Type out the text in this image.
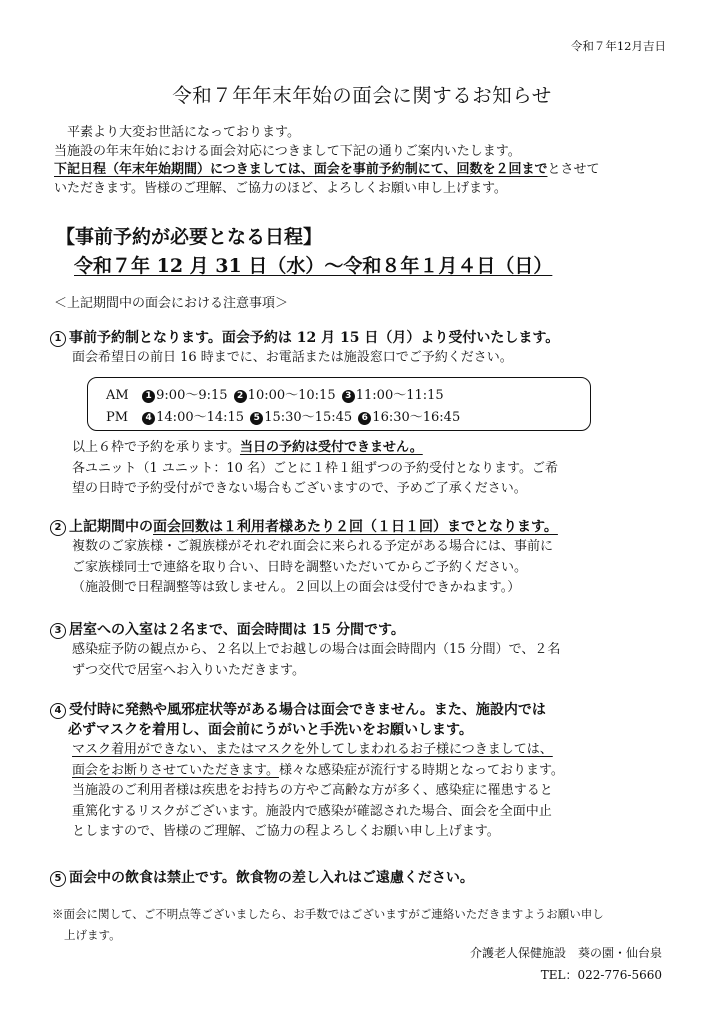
令和７年12月吉日
令和７年年末年始の面会に関するお知らせ

平素より大変お世話になっております。

当施設の年末年始における面会対応につきまして下記の通りご案内いたします。

下記日程（年末年始期間）につきましては、面会を事前予約制にて、回数を２回までとさせて

いただきます。皆様のご理解、ご協力のほど、よろしくお願い申し上げます。

【事前予約が必要となる日程】

令和７年 12 月 31 日（水）～令和８年１月４日（日）

＜上記期間中の面会における注意事項＞

1 事前予約制となります。面会予約は 12 月 15 日（月）より受付いたします。

面会希望日の前日 16 時までに、お電話または施設窓口でご予約ください。

AM 1 9:00～9:15 2 10:00～10:15 3 11:00～11:15
PM 4 14:00～14:15 5 15:30～15:45 6 16:30～16:45

以上６枠で予約を承ります。当日の予約は受付できません。

各ユニット（1 ユニット：10 名）ごとに１枠１組ずつの予約受付となります。ご希

望の日時で予約受付ができない場合もございますので、予めご了承ください。

2 上記期間中の面会回数は１利用者様あたり２回（１日１回）までとなります。

複数のご家族様・ご親族様がそれぞれ面会に来られる予定がある場合には、事前に

ご家族様同士で連絡を取り合い、日時を調整いただいてからご予約ください。

（施設側で日程調整等は致しません。２回以上の面会は受付できかねます。）

3 居室への入室は２名まで、面会時間は 15 分間です。

感染症予防の観点から、２名以上でお越しの場合は面会時間内（15 分間）で、２名

ずつ交代で居室へお入りいただきます。

4 受付時に発熱や風邪症状等がある場合は面会できません。また、施設内では

必ずマスクを着用し、面会前にうがいと手洗いをお願いします。

マスク着用ができない、またはマスクを外してしまわれるお子様につきましては、

面会をお断りさせていただきます。様々な感染症が流行する時期となっております。

当施設のご利用者様は疾患をお持ちの方やご高齢な方が多く、感染症に罹患すると

重篤化するリスクがございます。施設内で感染が確認された場合、面会を全面中止

としますので、皆様のご理解、ご協力の程よろしくお願い申し上げます。

5 面会中の飲食は禁止です。飲食物の差し入れはご遠慮ください。

※面会に関して、ご不明点等ございましたら、お手数ではございますがご連絡いただきますようお願い申し
上げます。
介護老人保健施設　葵の園・仙台泉
TEL：022-776-5660
